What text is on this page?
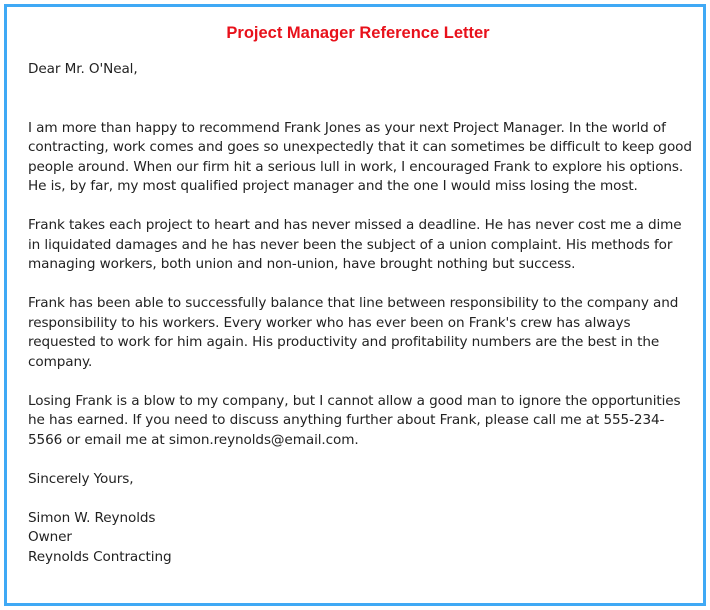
Project Manager Reference Letter

Dear Mr. O'Neal,

I am more than happy to recommend Frank Jones as your next Project Manager. In the world of contracting, work comes and goes so unexpectedly that it can sometimes be difficult to keep good people around. When our firm hit a serious lull in work, I encouraged Frank to explore his options. He is, by far, my most qualified project manager and the one I would miss losing the most.

Frank takes each project to heart and has never missed a deadline. He has never cost me a dime in liquidated damages and he has never been the subject of a union complaint. His methods for managing workers, both union and non-union, have brought nothing but success.

Frank has been able to successfully balance that line between responsibility to the company and responsibility to his workers. Every worker who has ever been on Frank's crew has always requested to work for him again. His productivity and profitability numbers are the best in the company.

Losing Frank is a blow to my company, but I cannot allow a good man to ignore the opportunities he has earned. If you need to discuss anything further about Frank, please call me at 555-234-5566 or email me at simon.reynolds@email.com.

Sincerely Yours,

Simon W. Reynolds

Owner

Reynolds Contracting
